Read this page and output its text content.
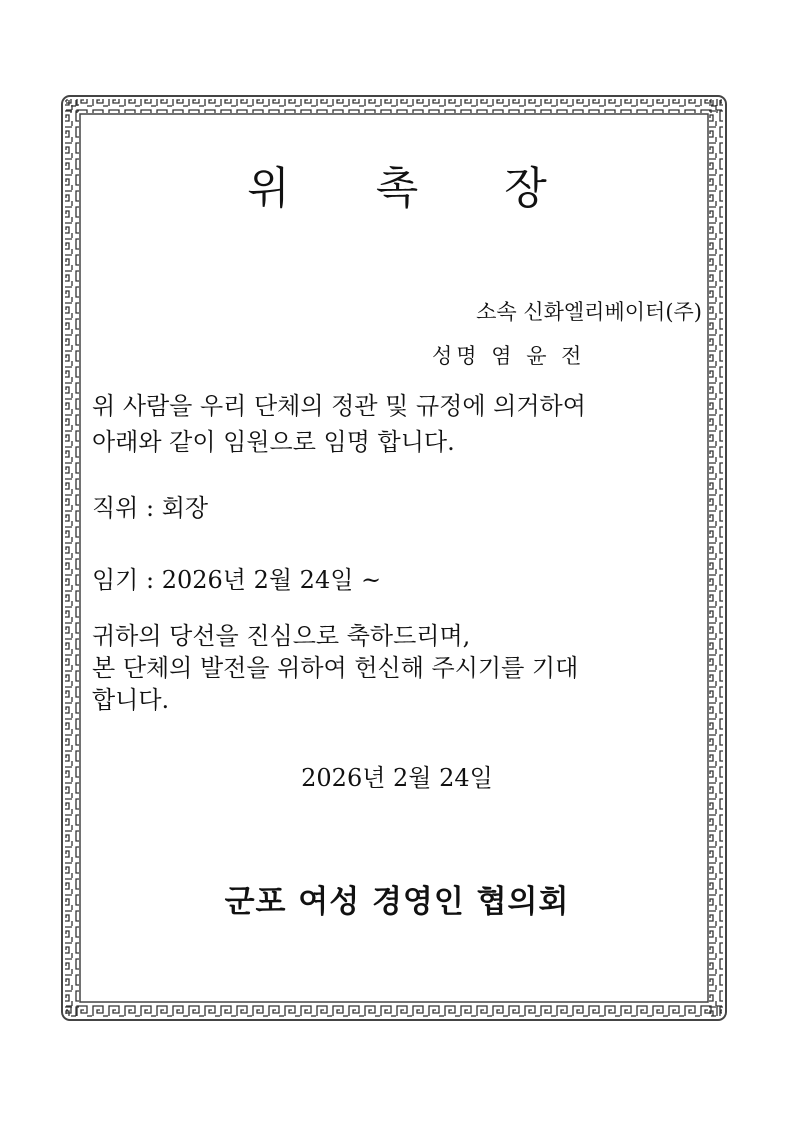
위 촉 장
소속 신화엘리베이터(주)
성명 염 윤 전
위 사람을 우리 단체의 정관 및 규정에 의거하여
아래와 같이 임원으로 임명 합니다.
직위 : 회장
임기 : 2026년 2월 24일 ~
귀하의 당선을 진심으로 축하드리며,
본 단체의 발전을 위하여 헌신해 주시기를 기대
합니다.
2026년 2월 24일
군포 여성 경영인 협의회
